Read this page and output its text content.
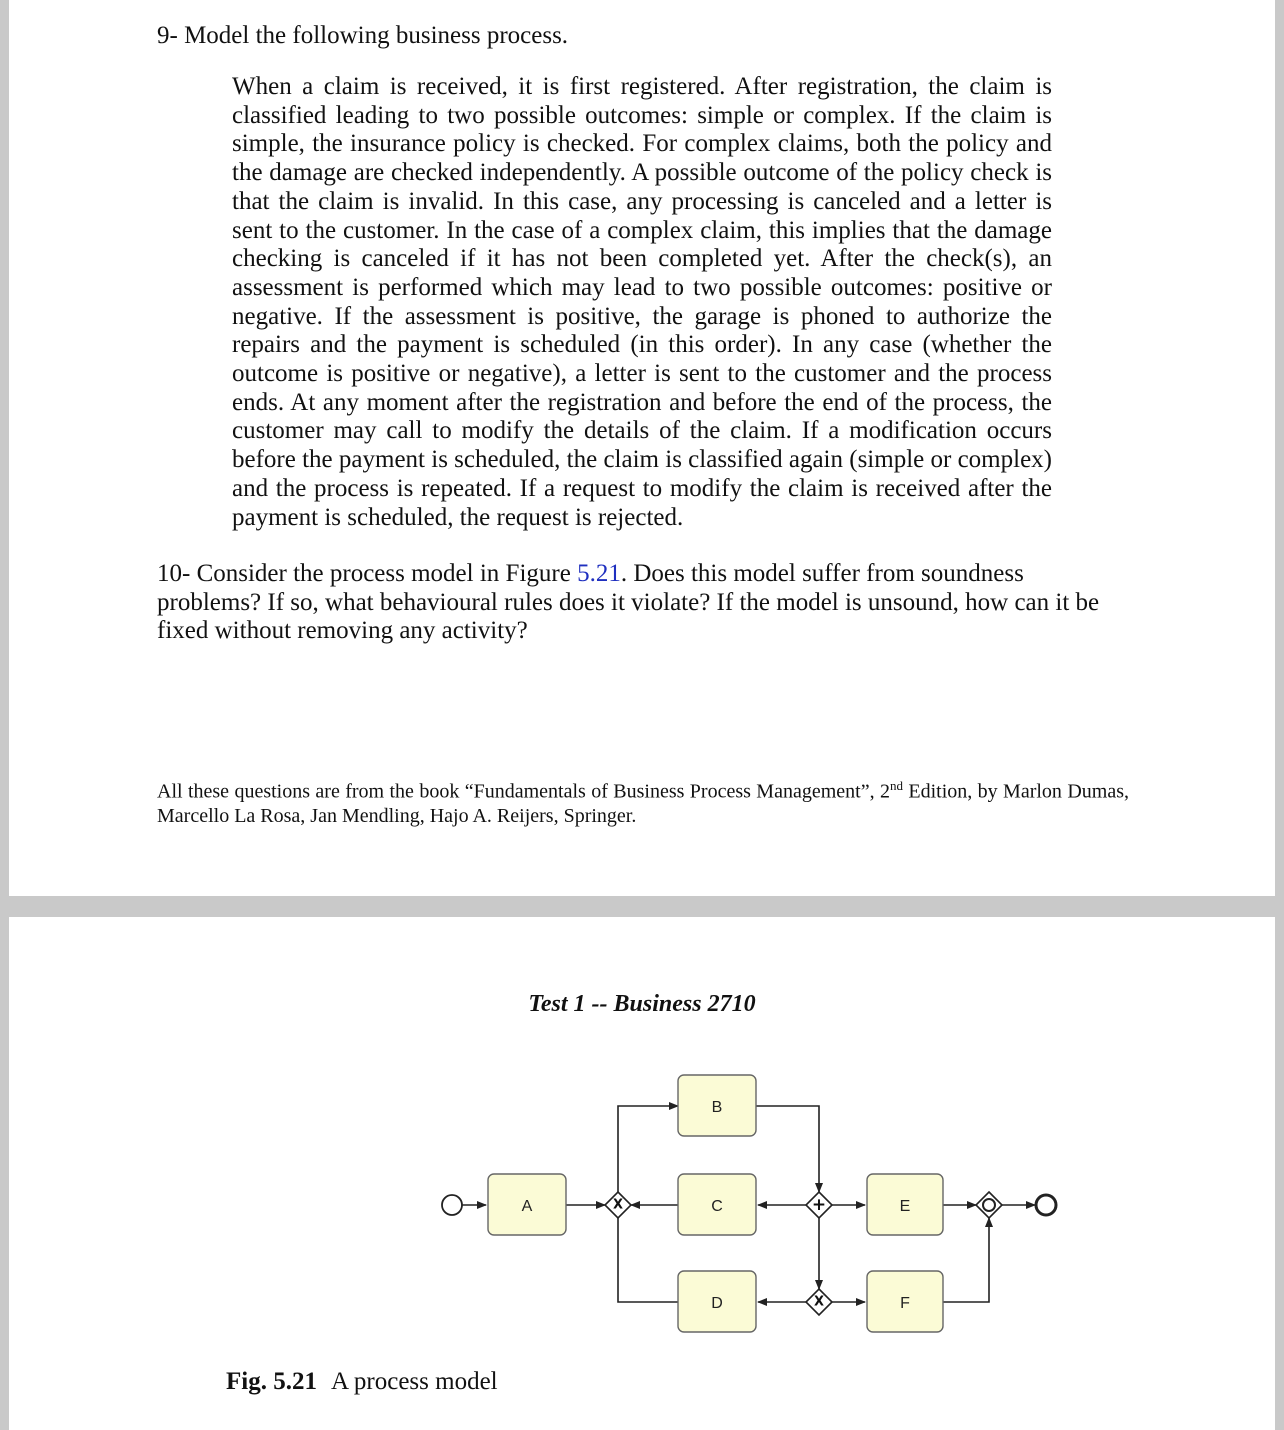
9- Model the following business process.

When a claim is received, it is first registered. After registration, the claim is classified leading to two possible outcomes: simple or complex. If the claim is simple, the insurance policy is checked. For complex claims, both the policy and the damage are checked independently. A possible outcome of the policy check is that the claim is invalid. In this case, any processing is canceled and a letter is sent to the customer. In the case of a complex claim, this implies that the damage checking is canceled if it has not been completed yet. After the check(s), an assessment is performed which may lead to two possible outcomes: positive or negative. If the assessment is positive, the garage is phoned to authorize the repairs and the payment is scheduled (in this order). In any case (whether the outcome is positive or negative), a letter is sent to the customer and the process ends. At any moment after the registration and before the end of the process, the customer may call to modify the details of the claim. If a modification occurs before the payment is scheduled, the claim is classified again (simple or complex) and the process is repeated. If a request to modify the claim is received after the payment is scheduled, the request is rejected.

10- Consider the process model in Figure 5.21. Does this model suffer from soundness problems? If so, what behavioural rules does it violate? If the model is unsound, how can it be fixed without removing any activity?

All these questions are from the book “Fundamentals of Business Process Management”, 2nd Edition, by Marlon Dumas, Marcello La Rosa, Jan Mendling, Hajo A. Reijers, Springer.

Test 1 -- Business 2710
A
B
C
D
E
F
X	+
X
Fig. 5.21 A process model
